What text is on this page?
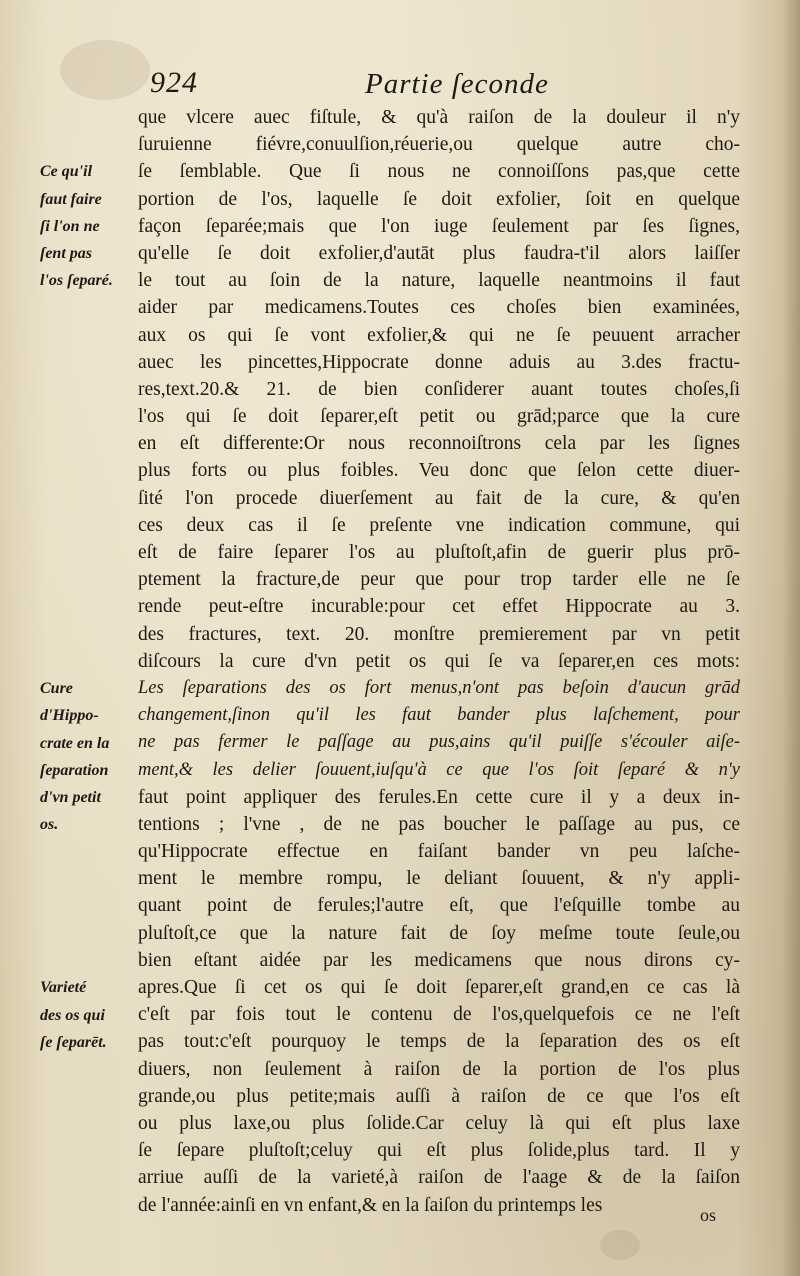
924	Partie ſeconde
Ce qu'il
faut faire
ſi l'on ne
ſent pas
l'os ſeparé.
Cure
d'Hippo-
crate en la
ſeparation
d'vn petit
os.
Varieté
des os qui
ſe ſeparēt.
que vlcere auec fiſtule, & qu'à raiſon de la douleur il n'y
ſuruienne fiévre,conuulſion,réuerie,ou quelque autre cho-
ſe ſemblable. Que ſi nous ne connoiſſons pas,que cette
portion de l'os, laquelle ſe doit exfolier, ſoit en quelque
façon ſeparée;mais que l'on iuge ſeulement par ſes ſignes,
qu'elle ſe doit exfolier,d'autāt plus faudra-t'il alors laiſſer
le tout au ſoin de la nature, laquelle neantmoins il faut
aider par medicamens.Toutes ces choſes bien examinées,
aux os qui ſe vont exfolier,& qui ne ſe peuuent arracher
auec les pincettes,Hippocrate donne aduis au 3.des fractu-
res,text.20.& 21. de bien conſiderer auant toutes choſes,ſi
l'os qui ſe doit ſeparer,eſt petit ou grād;parce que la cure
en eſt differente:Or nous reconnoiſtrons cela par les ſignes
plus forts ou plus foibles. Veu donc que ſelon cette diuer-
ſité l'on procede diuerſement au fait de la cure, & qu'en
ces deux cas il ſe preſente vne indication commune, qui
eſt de faire ſeparer l'os au pluſtoſt,afin de guerir plus prō-
ptement la fracture,de peur que pour trop tarder elle ne ſe
rende peut-eſtre incurable:pour cet effet Hippocrate au 3.
des fractures, text. 20. monſtre premierement par vn petit
diſcours la cure d'vn petit os qui ſe va ſeparer,en ces mots:
Les ſeparations des os fort menus,n'ont pas beſoin d'aucun grād
changement,ſinon qu'il les faut bander plus laſchement, pour
ne pas fermer le paſſage au pus,ains qu'il puiſſe s'écouler aiſe-
ment,& les delier ſouuent,iuſqu'à ce que l'os ſoit ſeparé & n'y
faut point appliquer des ferules.En cette cure il y a deux in-
tentions ; l'vne , de ne pas boucher le paſſage au pus, ce
qu'Hippocrate effectue en faiſant bander vn peu laſche-
ment le membre rompu, le deliant ſouuent, & n'y appli-
quant point de ferules;l'autre eſt, que l'eſquille tombe au
pluſtoſt,ce que la nature fait de ſoy meſme toute ſeule,ou
bien eſtant aidée par les medicamens que nous dirons cy-
apres.Que ſi cet os qui ſe doit ſeparer,eſt grand,en ce cas là
c'eſt par fois tout le contenu de l'os,quelquefois ce ne l'eſt
pas tout:c'eſt pourquoy le temps de la ſeparation des os eſt
diuers, non ſeulement à raiſon de la portion de l'os plus
grande,ou plus petite;mais auſſi à raiſon de ce que l'os eſt
ou plus laxe,ou plus ſolide.Car celuy là qui eſt plus laxe
ſe ſepare pluſtoſt;celuy qui eſt plus ſolide,plus tard. Il y
arriue auſſi de la varieté,à raiſon de l'aage & de la ſaiſon
de l'année:ainſi en vn enfant,& en la ſaiſon du printemps les	os
